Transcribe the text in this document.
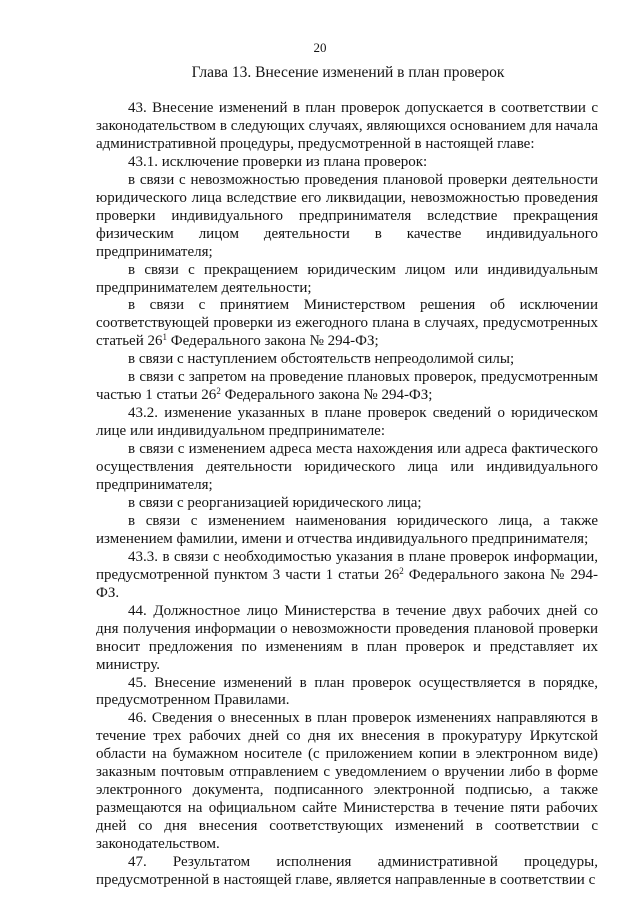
20
Глава 13. Внесение изменений в план проверок

43. Внесение изменений в план проверок допускается в соответствии с законодательством в следующих случаях, являющихся основанием для начала административной процедуры, предусмотренной в настоящей главе:

43.1. исключение проверки из плана проверок:

в связи с невозможностью проведения плановой проверки деятельности юридического лица вследствие его ликвидации, невозможностью проведения проверки индивидуального предпринимателя вследствие прекращения физическим лицом деятельности в качестве индивидуального предпринимателя;

в связи с прекращением юридическим лицом или индивидуальным предпринимателем деятельности;

в связи с принятием Министерством решения об исключении соответствующей проверки из ежегодного плана в случаях, предусмотренных статьей $26^1$ Федерального закона № 294-ФЗ;

в связи с наступлением обстоятельств непреодолимой силы;

в связи с запретом на проведение плановых проверок, предусмотренным частью 1 статьи $26^2$ Федерального закона № 294-ФЗ;

43.2. изменение указанных в плане проверок сведений о юридическом лице или индивидуальном предпринимателе:

в связи с изменением адреса места нахождения или адреса фактического осуществления деятельности юридического лица или индивидуального предпринимателя;

в связи с реорганизацией юридического лица;

в связи с изменением наименования юридического лица, а также изменением фамилии, имени и отчества индивидуального предпринимателя;

43.3. в связи с необходимостью указания в плане проверок информации, предусмотренной пунктом 3 части 1 статьи $26^2$ Федерального закона № 294-ФЗ.

44. Должностное лицо Министерства в течение двух рабочих дней со дня получения информации о невозможности проведения плановой проверки вносит предложения по изменениям в план проверок и представляет их министру.

45. Внесение изменений в план проверок осуществляется в порядке, предусмотренном Правилами.

46. Сведения о внесенных в план проверок изменениях направляются в течение трех рабочих дней со дня их внесения в прокуратуру Иркутской области на бумажном носителе (с приложением копии в электронном виде) заказным почтовым отправлением с уведомлением о вручении либо в форме электронного документа, подписанного электронной подписью, а также размещаются на официальном сайте Министерства в течение пяти рабочих дней со дня внесения соответствующих изменений в соответствии с законодательством.

47. Результатом исполнения административной процедуры, предусмотренной в настоящей главе, является направленные в соответствии с
